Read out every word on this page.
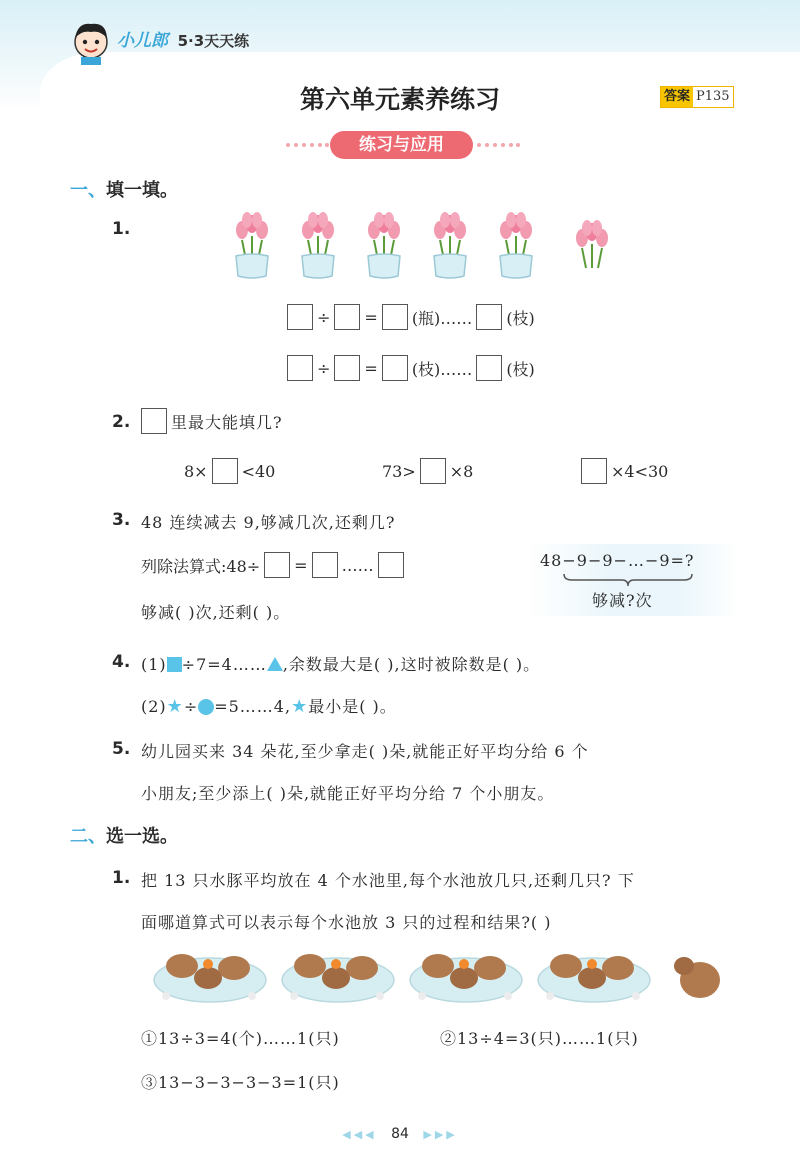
小儿郎 5·3天天练
第六单元素养练习	答案 P135
练习与应用
一、填一填。
1.
÷ = (瓶)…… (枝)
÷ = (枝)…… (枝)
2.	里最大能填几?
8× <40	73> ×8	×4<30
3. 48 连续减去 9,够减几次,还剩几?
列除法算式:48÷ = ……
够减( )次,还剩( )。
48−9−9−…−9=?
够减?次
4. (1) ÷7=4…… ,余数最大是( ),这时被除数是( )。
(2)★÷ =5……4,★最小是( )。
5. 幼儿园买来 34 朵花,至少拿走( )朵,就能正好平均分给 6 个
小朋友;至少添上( )朵,就能正好平均分给 7 个小朋友。
二、选一选。
1. 把 13 只水豚平均放在 4 个水池里,每个水池放几只,还剩几只? 下
面哪道算式可以表示每个水池放 3 只的过程和结果?( )
①13÷3=4(个)……1(只)	②13÷4=3(只)……1(只)
③13−3−3−3−3=1(只)
◀◀◀ 84 ▶▶▶
